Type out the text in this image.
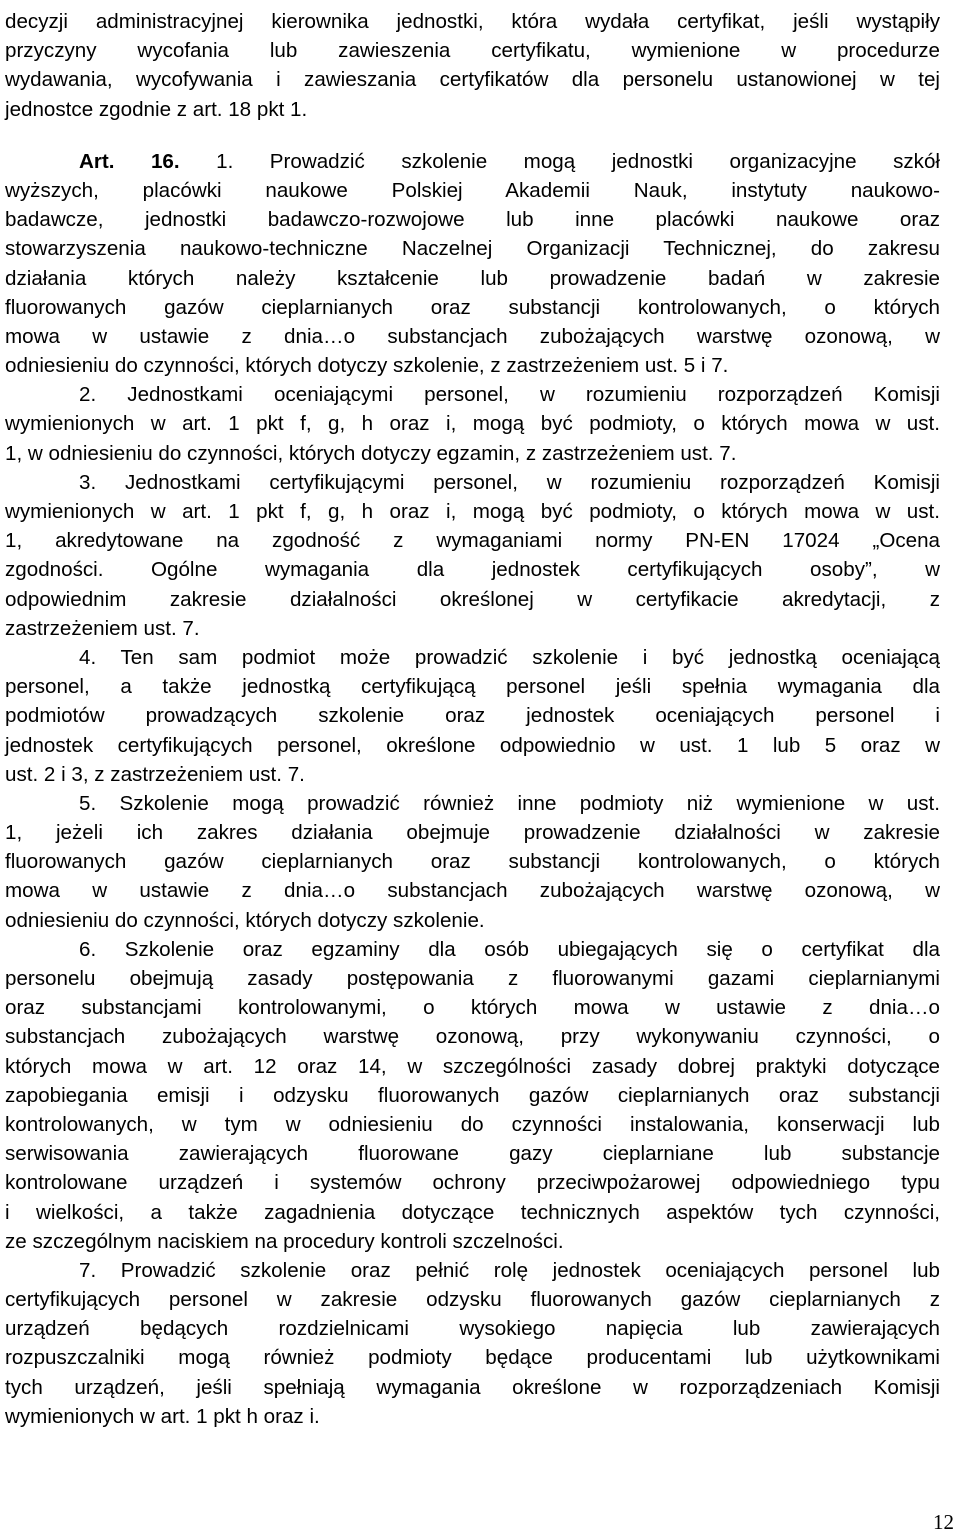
decyzji administracyjnej kierownika jednostki, która wydała certyfikat, jeśli wystąpiły
przyczyny wycofania lub zawieszenia certyfikatu, wymienione w procedurze
wydawania, wycofywania i zawieszania certyfikatów dla personelu ustanowionej w tej
jednostce zgodnie z art. 18 pkt 1.
Art. 16. 1. Prowadzić szkolenie mogą jednostki organizacyjne szkół
wyższych, placówki naukowe Polskiej Akademii Nauk, instytuty naukowo-
badawcze, jednostki badawczo-rozwojowe lub inne placówki naukowe oraz
stowarzyszenia naukowo-techniczne Naczelnej Organizacji Technicznej, do zakresu
działania których należy kształcenie lub prowadzenie badań w zakresie
fluorowanych gazów cieplarnianych oraz substancji kontrolowanych, o których
mowa w ustawie z dnia…o substancjach zubożających warstwę ozonową, w
odniesieniu do czynności, których dotyczy szkolenie, z zastrzeżeniem ust. 5 i 7.
2. Jednostkami oceniającymi personel, w rozumieniu rozporządzeń Komisji
wymienionych w art. 1 pkt f, g, h oraz i, mogą być podmioty, o których mowa w ust.
1, w odniesieniu do czynności, których dotyczy egzamin, z zastrzeżeniem ust. 7.
3. Jednostkami certyfikującymi personel, w rozumieniu rozporządzeń Komisji
wymienionych w art. 1 pkt f, g, h oraz i, mogą być podmioty, o których mowa w ust.
1, akredytowane na zgodność z wymaganiami normy PN-EN 17024 „Ocena
zgodności. Ogólne wymagania dla jednostek certyfikujących osoby”, w
odpowiednim zakresie działalności określonej w certyfikacie akredytacji, z
zastrzeżeniem ust. 7.
4. Ten sam podmiot może prowadzić szkolenie i być jednostką oceniającą
personel, a także jednostką certyfikującą personel jeśli spełnia wymagania dla
podmiotów prowadzących szkolenie oraz jednostek oceniających personel i
jednostek certyfikujących personel, określone odpowiednio w ust. 1 lub 5 oraz w
ust. 2 i 3, z zastrzeżeniem ust. 7.
5. Szkolenie mogą prowadzić również inne podmioty niż wymienione w ust.
1, jeżeli ich zakres działania obejmuje prowadzenie działalności w zakresie
fluorowanych gazów cieplarnianych oraz substancji kontrolowanych, o których
mowa w ustawie z dnia…o substancjach zubożających warstwę ozonową, w
odniesieniu do czynności, których dotyczy szkolenie.
6. Szkolenie oraz egzaminy dla osób ubiegających się o certyfikat dla
personelu obejmują zasady postępowania z fluorowanymi gazami cieplarnianymi
oraz substancjami kontrolowanymi, o których mowa w ustawie z dnia…o
substancjach zubożających warstwę ozonową, przy wykonywaniu czynności, o
których mowa w art. 12 oraz 14, w szczególności zasady dobrej praktyki dotyczące
zapobiegania emisji i odzysku fluorowanych gazów cieplarnianych oraz substancji
kontrolowanych, w tym w odniesieniu do czynności instalowania, konserwacji lub
serwisowania zawierających fluorowane gazy cieplarniane lub substancje
kontrolowane urządzeń i systemów ochrony przeciwpożarowej odpowiedniego typu
i wielkości, a także zagadnienia dotyczące technicznych aspektów tych czynności,
ze szczególnym naciskiem na procedury kontroli szczelności.
7. Prowadzić szkolenie oraz pełnić rolę jednostek oceniających personel lub
certyfikujących personel w zakresie odzysku fluorowanych gazów cieplarnianych z
urządzeń będących rozdzielnicami wysokiego napięcia lub zawierających
rozpuszczalniki mogą również podmioty będące producentami lub użytkownikami
tych urządzeń, jeśli spełniają wymagania określone w rozporządzeniach Komisji
wymienionych w art. 1 pkt h oraz i.
12
